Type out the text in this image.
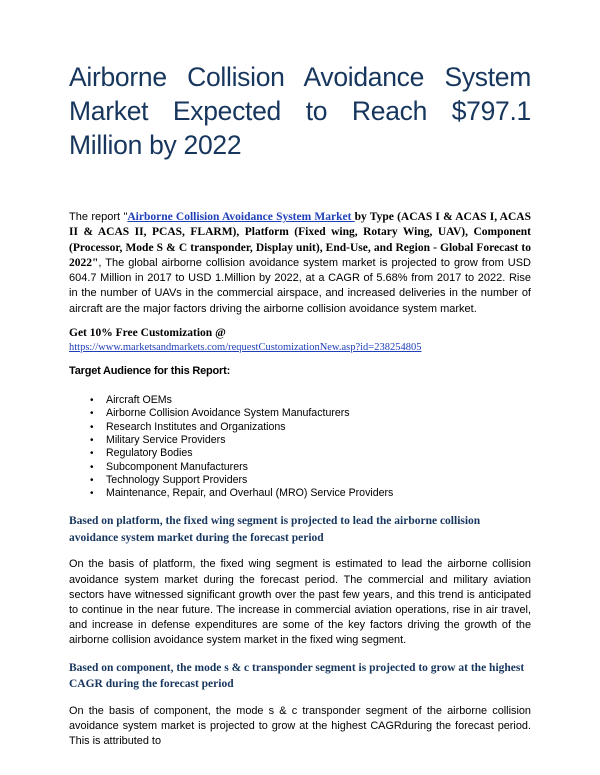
Airborne Collision Avoidance System Market Expected to Reach $797.1 Million by 2022

The report "Airborne Collision Avoidance System Market by Type (ACAS I & ACAS I, ACAS II & ACAS II, PCAS, FLARM), Platform (Fixed wing, Rotary Wing, UAV), Component (Processor, Mode S & C transponder, Display unit), End-Use, and Region - Global Forecast to 2022", The global airborne collision avoidance system market is projected to grow from USD 604.7 Million in 2017 to USD 1.Million by 2022, at a CAGR of 5.68% from 2017 to 2022. Rise in the number of UAVs in the commercial airspace, and increased deliveries in the number of aircraft are the major factors driving the airborne collision avoidance system market.

Get 10% Free Customization @
https://www.marketsandmarkets.com/requestCustomizationNew.asp?id=238254805
Target Audience for this Report:
• Aircraft OEMs
• Airborne Collision Avoidance System Manufacturers
• Research Institutes and Organizations
• Military Service Providers
• Regulatory Bodies
• Subcomponent Manufacturers
• Technology Support Providers
• Maintenance, Repair, and Overhaul (MRO) Service Providers
Based on platform, the fixed wing segment is projected to lead the airborne collision avoidance system market during the forecast period

On the basis of platform, the fixed wing segment is estimated to lead the airborne collision avoidance system market during the forecast period. The commercial and military aviation sectors have witnessed significant growth over the past few years, and this trend is anticipated to continue in the near future. The increase in commercial aviation operations, rise in air travel, and increase in defense expenditures are some of the key factors driving the growth of the airborne collision avoidance system market in the fixed wing segment.

Based on component, the mode s & c transponder segment is projected to grow at the highest CAGR during the forecast period

On the basis of component, the mode s & c transponder segment of the airborne collision avoidance system market is projected to grow at the highest CAGRduring the forecast period. This is attributed to
